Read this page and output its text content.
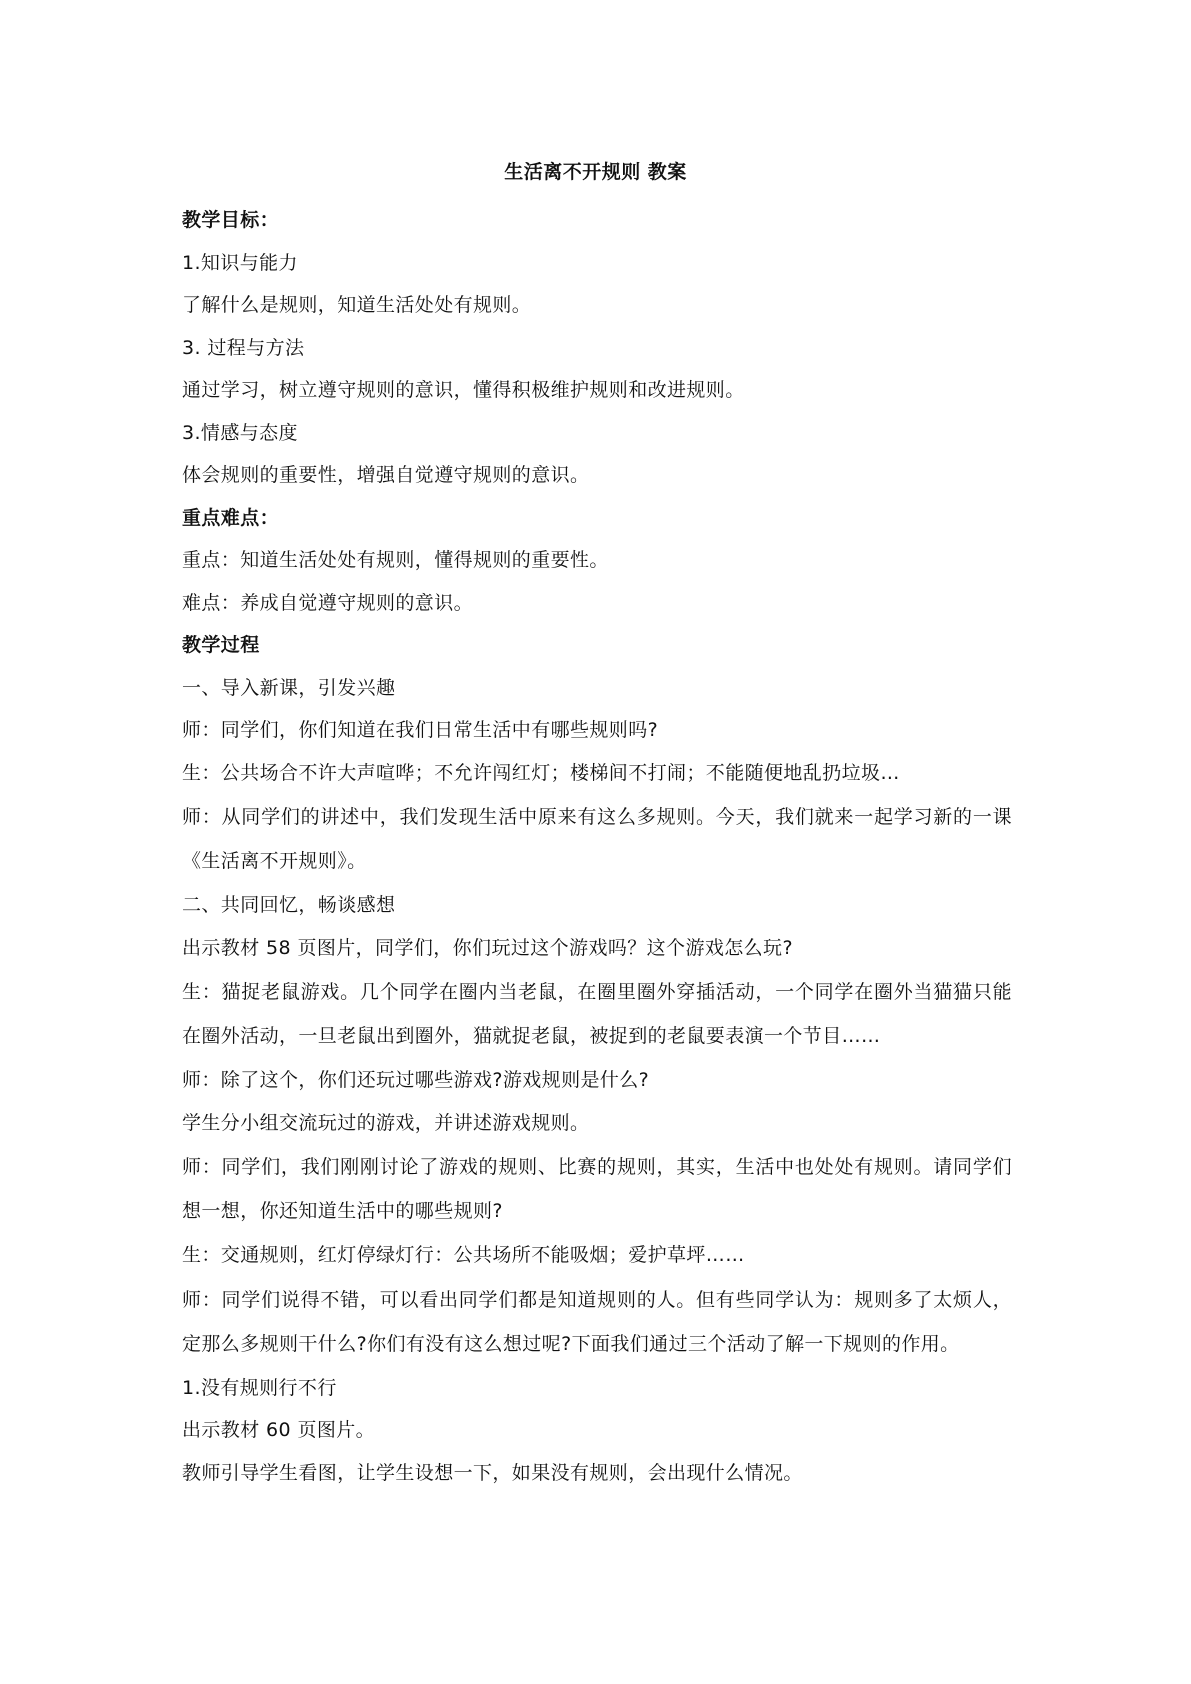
生活离不开规则 教案

教学目标：

1.知识与能力

了解什么是规则，知道生活处处有规则。

3. 过程与方法

通过学习，树立遵守规则的意识，懂得积极维护规则和改进规则。

3.情感与态度

体会规则的重要性，增强自觉遵守规则的意识。

重点难点：

重点：知道生活处处有规则，懂得规则的重要性。

难点：养成自觉遵守规则的意识。

教学过程

一、导入新课，引发兴趣

师：同学们，你们知道在我们日常生活中有哪些规则吗?

生：公共场合不许大声喧哗；不允许闯红灯；楼梯间不打闹；不能随便地乱扔垃圾…

师：从同学们的讲述中，我们发现生活中原来有这么多规则。今天，我们就来一起学习新的一课《生活离不开规则》。

二、共同回忆，畅谈感想

出示教材 58 页图片，同学们，你们玩过这个游戏吗？这个游戏怎么玩?

生：猫捉老鼠游戏。几个同学在圈内当老鼠，在圈里圈外穿插活动，一个同学在圈外当猫猫只能在圈外活动，一旦老鼠出到圈外，猫就捉老鼠，被捉到的老鼠要表演一个节目……

师：除了这个，你们还玩过哪些游戏?游戏规则是什么?

学生分小组交流玩过的游戏，并讲述游戏规则。

师：同学们，我们刚刚讨论了游戏的规则、比赛的规则，其实，生活中也处处有规则。请同学们想一想，你还知道生活中的哪些规则?

生：交通规则，红灯停绿灯行：公共场所不能吸烟；爱护草坪……

师：同学们说得不错，可以看出同学们都是知道规则的人。但有些同学认为：规则多了太烦人，定那么多规则干什么?你们有没有这么想过呢?下面我们通过三个活动了解一下规则的作用。

1.没有规则行不行

出示教材 60 页图片。

教师引导学生看图，让学生设想一下，如果没有规则，会出现什么情况。
